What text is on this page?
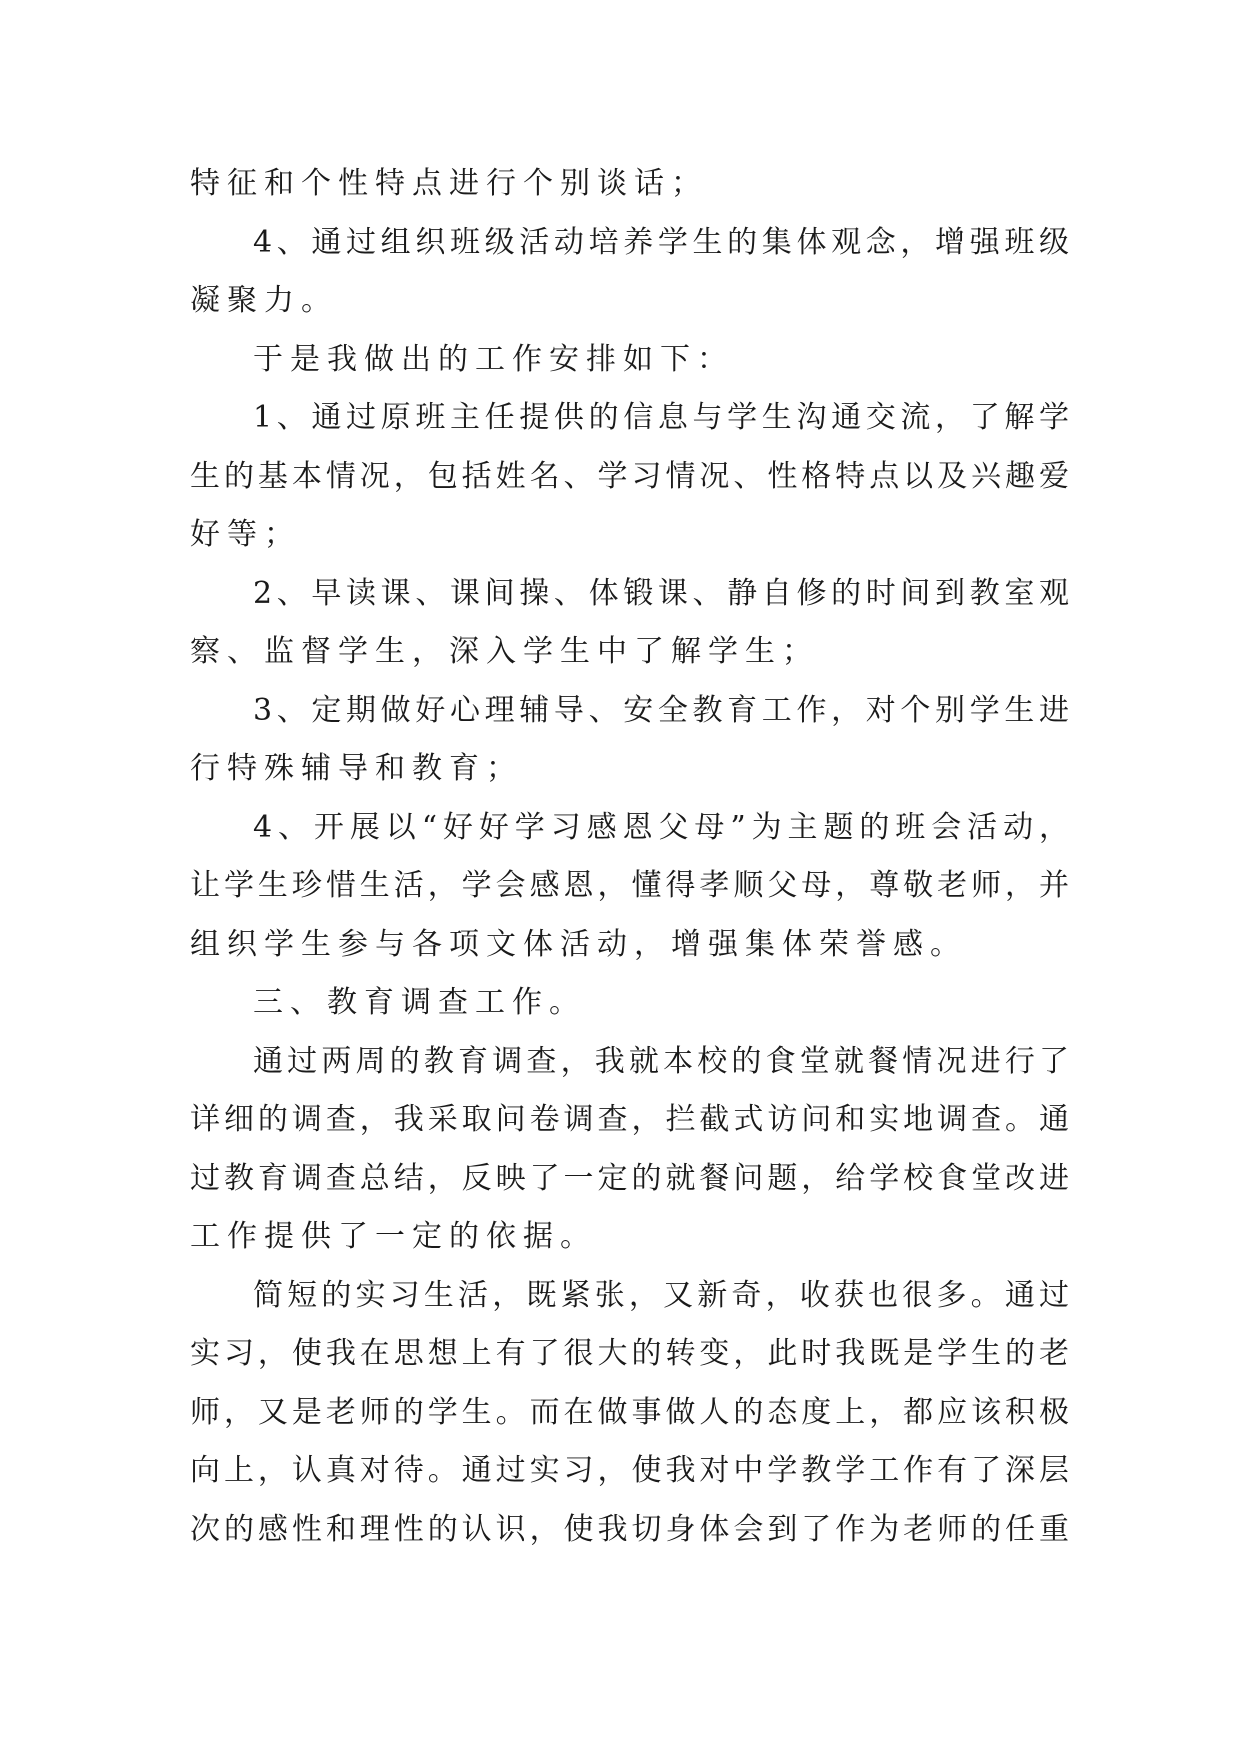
特征和个性特点进行个别谈话；
4、通过组织班级活动培养学生的集体观念，增强班级
凝聚力。
于是我做出的工作安排如下：
1、通过原班主任提供的信息与学生沟通交流，了解学
生的基本情况，包括姓名、学习情况、性格特点以及兴趣爱
好等；
2、早读课、课间操、体锻课、静自修的时间到教室观
察、监督学生，深入学生中了解学生；
3、定期做好心理辅导、安全教育工作，对个别学生进
行特殊辅导和教育；
4、开展以“好好学习感恩父母”为主题的班会活动，
让学生珍惜生活，学会感恩，懂得孝顺父母，尊敬老师，并
组织学生参与各项文体活动，增强集体荣誉感。
三、教育调查工作。
通过两周的教育调查，我就本校的食堂就餐情况进行了
详细的调查，我采取问卷调查，拦截式访问和实地调查。通
过教育调查总结，反映了一定的就餐问题，给学校食堂改进
工作提供了一定的依据。
简短的实习生活，既紧张，又新奇，收获也很多。通过
实习，使我在思想上有了很大的转变，此时我既是学生的老
师，又是老师的学生。而在做事做人的态度上，都应该积极
向上，认真对待。通过实习，使我对中学教学工作有了深层
次的感性和理性的认识，使我切身体会到了作为老师的任重
